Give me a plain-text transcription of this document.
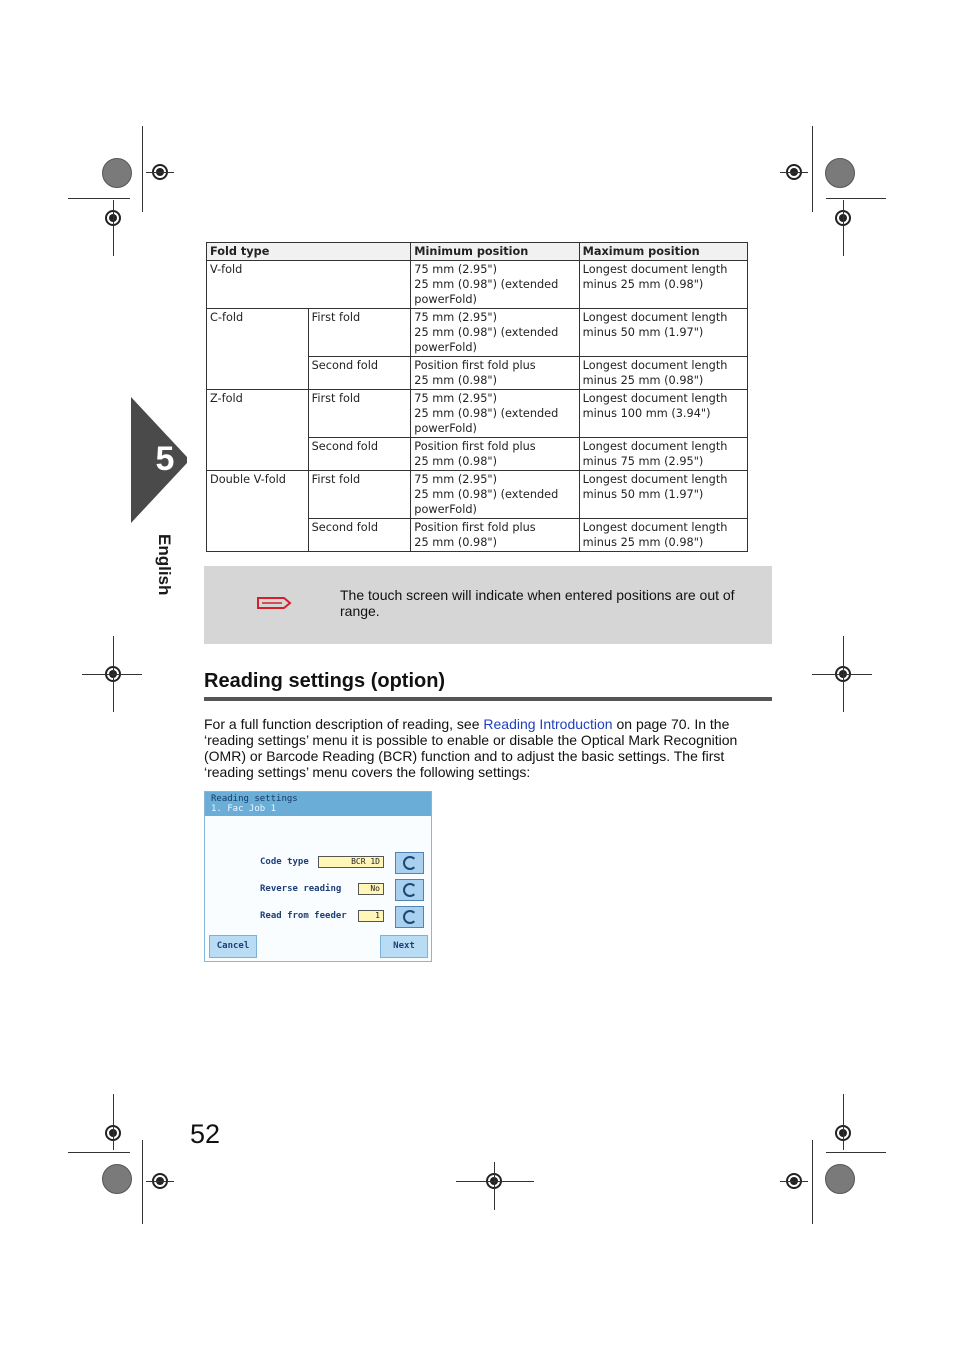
5
English
Fold type		Minimum position	Maximum position
V-fold		75 mm (2.95")
25 mm (0.98") (extended
powerFold)	Longest document length
minus 25 mm (0.98")
C-fold	First fold	75 mm (2.95")
25 mm (0.98") (extended
powerFold)	Longest document length
minus 50 mm (1.97")
	Second fold	Position first fold plus
25 mm (0.98")	Longest document length
minus 25 mm (0.98")
Z-fold	First fold	75 mm (2.95")
25 mm (0.98") (extended
powerFold)	Longest document length
minus 100 mm (3.94")
	Second fold	Position first fold plus
25 mm (0.98")	Longest document length
minus 75 mm (2.95")
Double V-fold	First fold	75 mm (2.95")
25 mm (0.98") (extended
powerFold)	Longest document length
minus 50 mm (1.97")
	Second fold	Position first fold plus
25 mm (0.98")	Longest document length
minus 25 mm (0.98")
The touch screen will indicate when entered positions are out of range.
Reading settings (option)
For a full function description of reading, see Reading Introduction on page 70. In the ‘reading settings’ menu it is possible to enable or disable the Optical Mark Recognition (OMR) or Barcode Reading (BCR) function and to adjust the basic settings. The first ‘reading settings’ menu covers the following settings:
Reading settings
1. Fac Job 1
Code type	BCR 1D
Reverse reading	No
Read from feeder	1
Cancel	Next
52
